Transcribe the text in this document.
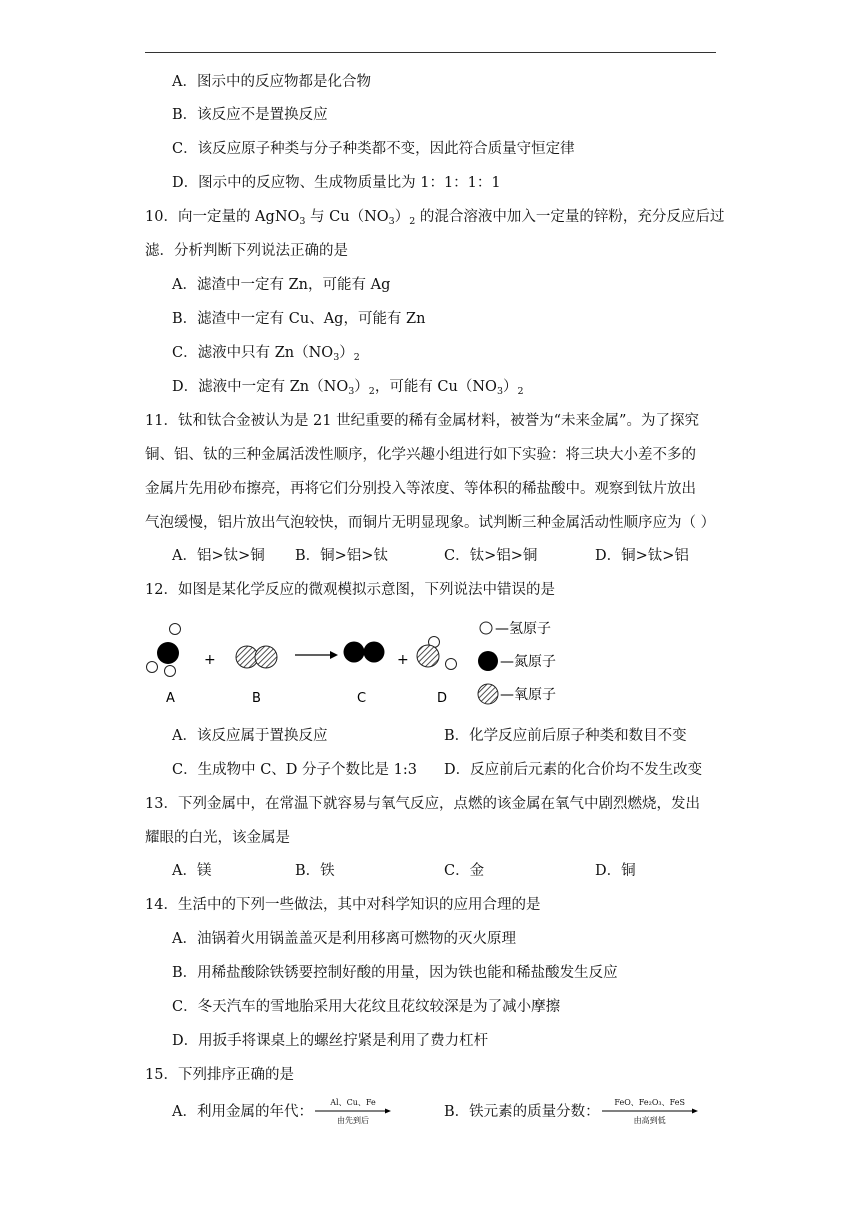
A．图示中的反应物都是化合物
B．该反应不是置换反应
C．该反应原子种类与分子种类都不变，因此符合质量守恒定律
D．图示中的反应物、生成物质量比为 1：1：1：1
10．向一定量的 AgNO$_3$ 与 $Cu(NO_3)_2$ 的混合溶液中加入一定量的锌粉，充分反应后过
滤．分析判断下列说法正确的是
A．滤渣中一定有 Zn，可能有 Ag
B．滤渣中一定有 Cu、Ag，可能有 Zn
C．滤液中只有 $Zn(NO_3)_2$
D．滤液中一定有 $Zn(NO_3)_2$，可能有 $Cu(NO_3)_2$
11．钛和钛合金被认为是 21 世纪重要的稀有金属材料，被誉为“未来金属”。为了探究
铜、铝、钛的三种金属活泼性顺序，化学兴趣小组进行如下实验：将三块大小差不多的
金属片先用砂布擦亮，再将它们分别投入等浓度、等体积的稀盐酸中。观察到钛片放出
气泡缓慢，铝片放出气泡较快，而铜片无明显现象。试判断三种金属活动性顺序应为（ ）
A．铝>钛>铜 B．铜>铝>钛	C．钛>铝>铜	D．铜>钛>铝
12．如图是某化学反应的微观模拟示意图，下列说法中错误的是
A
+
B	C
+
D
—氢原子
—氮原子
—氧原子
A．该反应属于置换反应	B．化学反应前后原子种类和数目不变
C．生成物中 C、D 分子个数比是 1:3 D．反应前后元素的化合价均不发生改变
13．下列金属中，在常温下就容易与氧气反应，点燃的该金属在氧气中剧烈燃烧，发出
耀眼的白光，该金属是
A．镁	B．铁	C．金	D．铜
14．生活中的下列一些做法，其中对科学知识的应用合理的是
A．油锅着火用锅盖盖灭是利用移离可燃物的灭火原理
B．用稀盐酸除铁锈要控制好酸的用量，因为铁也能和稀盐酸发生反应
C．冬天汽车的雪地胎采用大花纹且花纹较深是为了减小摩擦
D．用扳手将课桌上的螺丝拧紧是利用了费力杠杆
15．下列排序正确的是
A．利用金属的年代：
Al、Cu、Fe
由先到后
B．铁元素的质量分数：
FeO、Fe₂O₃、FeS
由高到低
